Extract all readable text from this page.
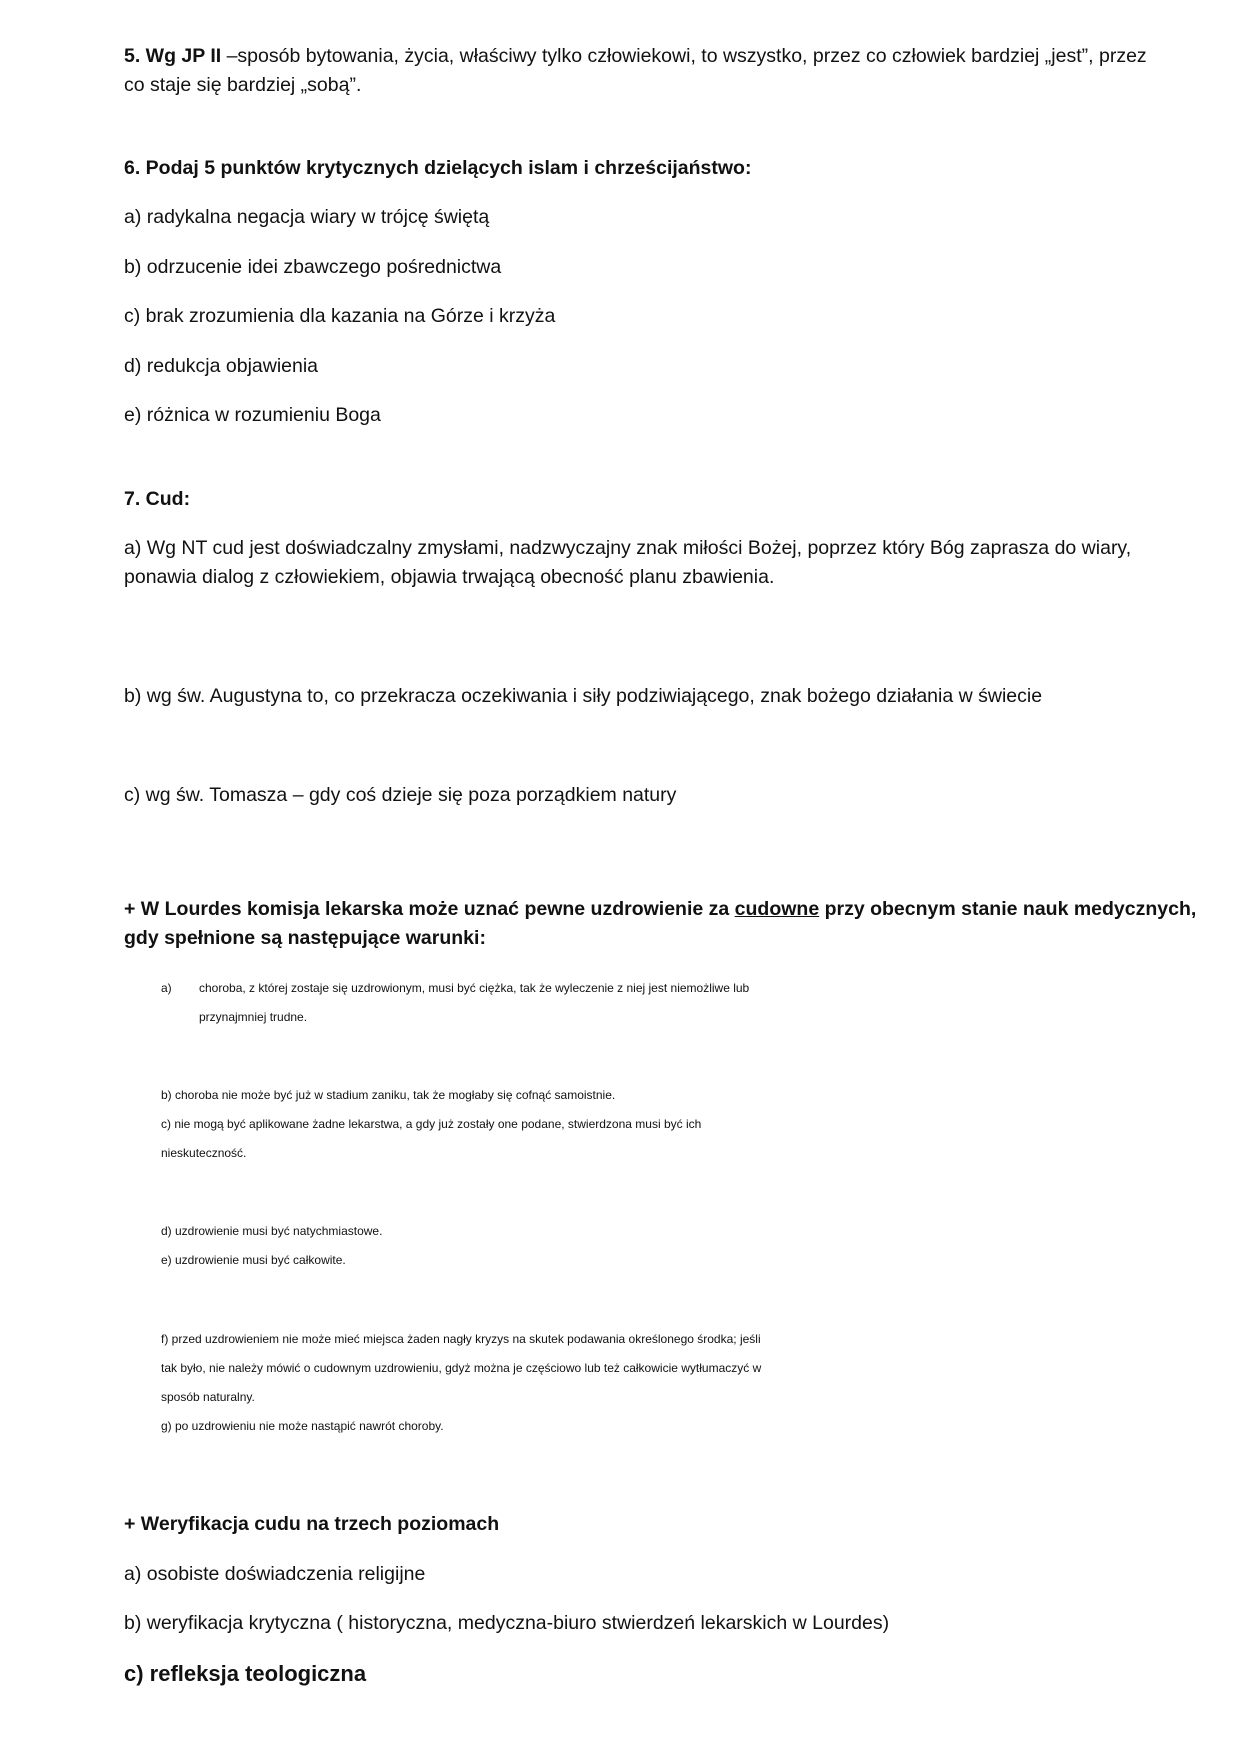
5. Wg JP II –sposób bytowania, życia, właściwy tylko człowiekowi, to wszystko, przez co człowiek bardziej „jest”, przez
co staje się bardziej „sobą”.
6. Podaj 5 punktów krytycznych dzielących islam i chrześcijaństwo:
a) radykalna negacja wiary w trójcę świętą
b) odrzucenie idei zbawczego pośrednictwa
c) brak zrozumienia dla kazania na Górze i krzyża
d) redukcja objawienia
e) różnica w rozumieniu Boga
7. Cud:
a) Wg NT cud jest doświadczalny zmysłami, nadzwyczajny znak miłości Bożej, poprzez który Bóg zaprasza do wiary,
ponawia dialog z człowiekiem, objawia trwającą obecność planu zbawienia.
b) wg św. Augustyna to, co przekracza oczekiwania i siły podziwiającego, znak bożego działania w świecie
c) wg św. Tomasza – gdy coś dzieje się poza porządkiem natury
+ W Lourdes komisja lekarska może uznać pewne uzdrowienie za cudowne przy obecnym stanie nauk medycznych,
gdy spełnione są następujące warunki:
a) choroba, z której zostaje się uzdrowionym, musi być ciężka, tak że wyleczenie z niej jest niemożliwe lub
przynajmniej trudne.
b) choroba nie może być już w stadium zaniku, tak że mogłaby się cofnąć samoistnie.
c) nie mogą być aplikowane żadne lekarstwa, a gdy już zostały one podane, stwierdzona musi być ich
nieskuteczność.
d) uzdrowienie musi być natychmiastowe.
e) uzdrowienie musi być całkowite.
f) przed uzdrowieniem nie może mieć miejsca żaden nagły kryzys na skutek podawania określonego środka; jeśli
tak było, nie należy mówić o cudownym uzdrowieniu, gdyż można je częściowo lub też całkowicie wytłumaczyć w
sposób naturalny.
g) po uzdrowieniu nie może nastąpić nawrót choroby.
+ Weryfikacja cudu na trzech poziomach
a) osobiste doświadczenia religijne
b) weryfikacja krytyczna ( historyczna, medyczna-biuro stwierdzeń lekarskich w Lourdes)
c) refleksja teologiczna
